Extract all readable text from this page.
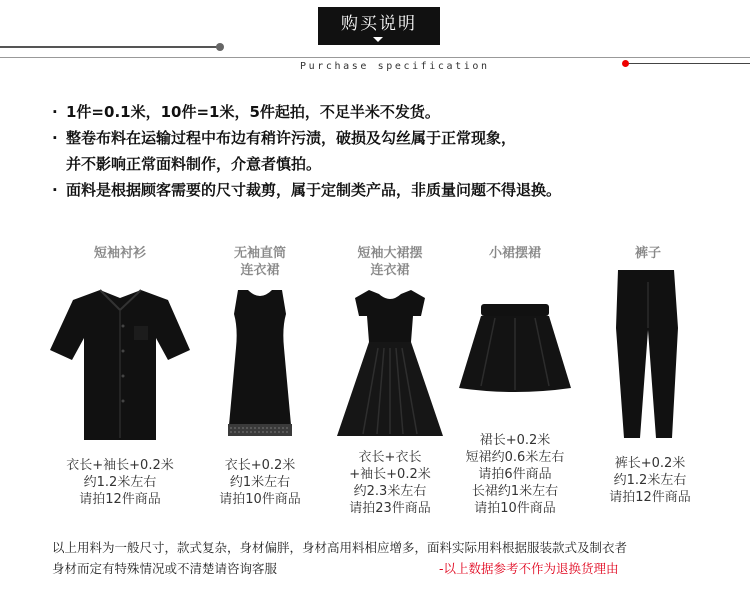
购买说明
Purchase specification
· 1件=0.1米，10件=1米，5件起拍，不足半米不发货。
· 整卷布料在运输过程中布边有稍许污渍，破损及勾丝属于正常现象，
并不影响正常面料制作，介意者慎拍。
· 面料是根据顾客需要的尺寸裁剪，属于定制类产品，非质量问题不得退换。
短袖衬衫
衣长+袖长+0.2米
约1.2米左右
请拍12件商品
无袖直筒
连衣裙
衣长+0.2米
约1米左右
请拍10件商品
短袖大裙摆
连衣裙
衣长+衣长
+袖长+0.2米
约2.3米左右
请拍23件商品
小裙摆裙
裙长+0.2米
短裙约0.6米左右
请拍6件商品
长裙约1米左右
请拍10件商品
裤子
裤长+0.2米
约1.2米左右
请拍12件商品
以上用料为一般尺寸，款式复杂，身材偏胖，身材高用料相应增多，面料实际用料根据服装款式及制衣者
身材而定有特殊情况或不清楚请咨询客服	-以上数据参考不作为退换货理由
